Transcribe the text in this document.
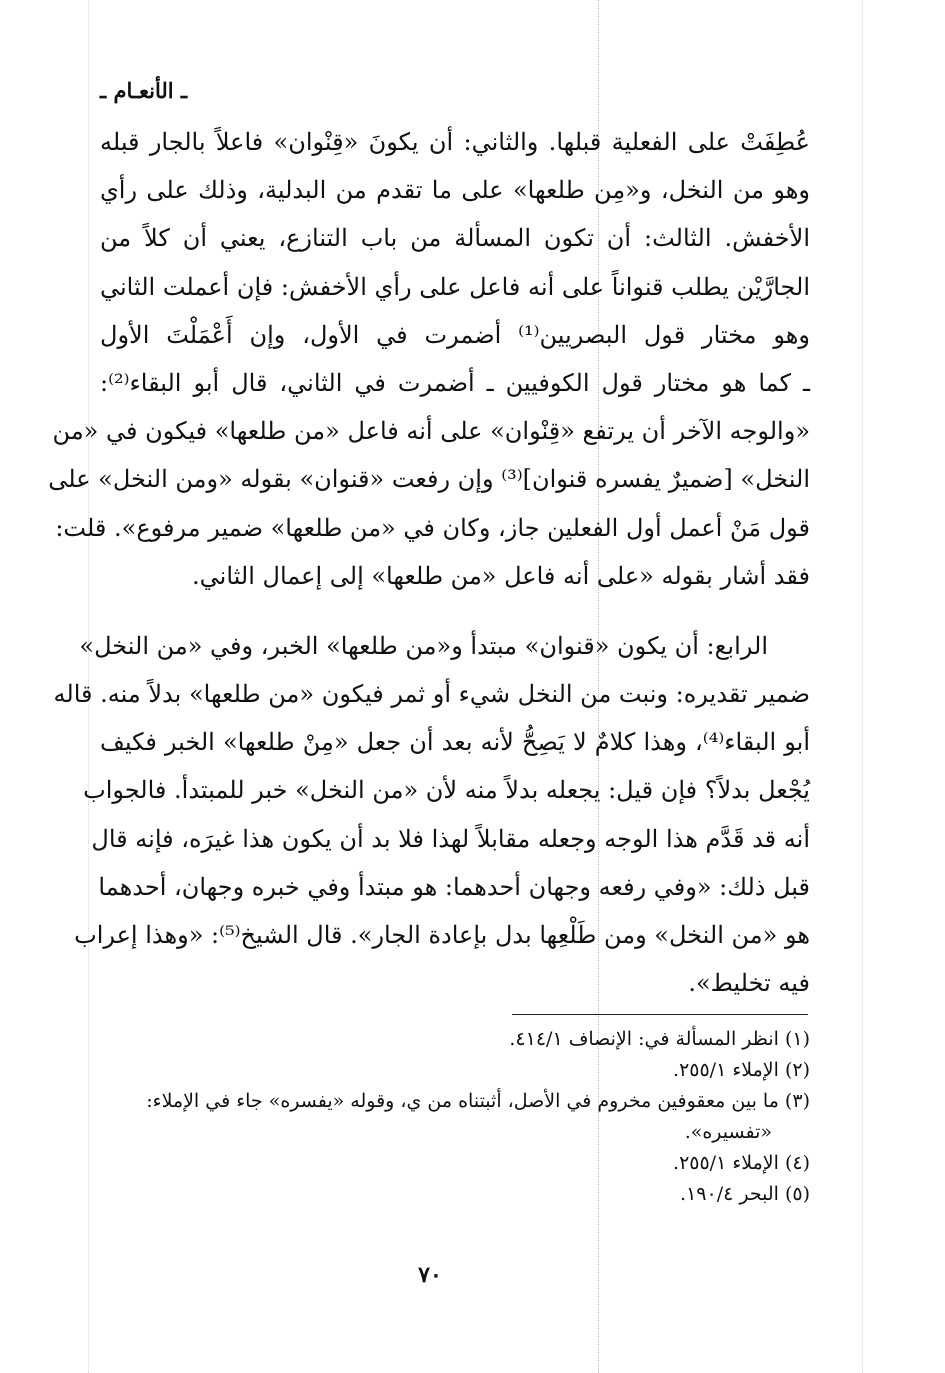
ـ الأنعـام ـ
عُطِفَتْ على الفعلية قبلها. والثاني: أن يكونَ «قِنْوان» فاعلاً بالجار قبله
وهو من النخل، و«مِن طلعها» على ما تقدم من البدلية، وذلك على رأي
الأخفش. الثالث: أن تكون المسألة من باب التنازع، يعني أن كلاً من
الجارَّيْن يطلب قنواناً على أنه فاعل على رأي الأخفش: فإن أعملت الثاني
وهو مختار قول البصريين⁽¹⁾ أضمرت في الأول، وإن أَعْمَلْتَ الأول
ـ كما هو مختار قول الكوفيين ـ أضمرت في الثاني، قال أبو البقاء⁽²⁾:
«والوجه الآخر أن يرتفع «قِنْوان» على أنه فاعل «من طلعها» فيكون في «من
النخل» [ضميرٌ يفسره قنوان]⁽³⁾ وإن رفعت «قنوان» بقوله «ومن النخل» على
قول مَنْ أعمل أول الفعلين جاز، وكان في «من طلعها» ضمير مرفوع». قلت:
فقد أشار بقوله «على أنه فاعل «من طلعها» إلى إعمال الثاني.
الرابع: أن يكون «قنوان» مبتدأ و«من طلعها» الخبر، وفي «من النخل»
ضمير تقديره: ونبت من النخل شيء أو ثمر فيكون «من طلعها» بدلاً منه. قاله
أبو البقاء⁽⁴⁾، وهذا كلامٌ لا يَصِحُّ لأنه بعد أن جعل «مِنْ طلعها» الخبر فكيف
يُجْعل بدلاً؟ فإن قيل: يجعله بدلاً منه لأن «من النخل» خبر للمبتدأ. فالجواب
أنه قد قَدَّم هذا الوجه وجعله مقابلاً لهذا فلا بد أن يكون هذا غيرَه، فإنه قال
قبل ذلك: «وفي رفعه وجهان أحدهما: هو مبتدأ وفي خبره وجهان، أحدهما
هو «من النخل» ومن طَلْعِها بدل بإعادة الجار». قال الشيخ⁽⁵⁾: «وهذا إعراب
فيه تخليط».
(١) انظر المسألة في: الإنصاف ٤١٤/١.
(٢) الإملاء ٢٥٥/١.
(٣) ما بين معقوفين مخروم في الأصل، أثبتناه من ي، وقوله «يفسره» جاء في الإملاء:
«تفسيره».
(٤) الإملاء ٢٥٥/١.
(٥) البحر ١٩٠/٤.
٧٠
